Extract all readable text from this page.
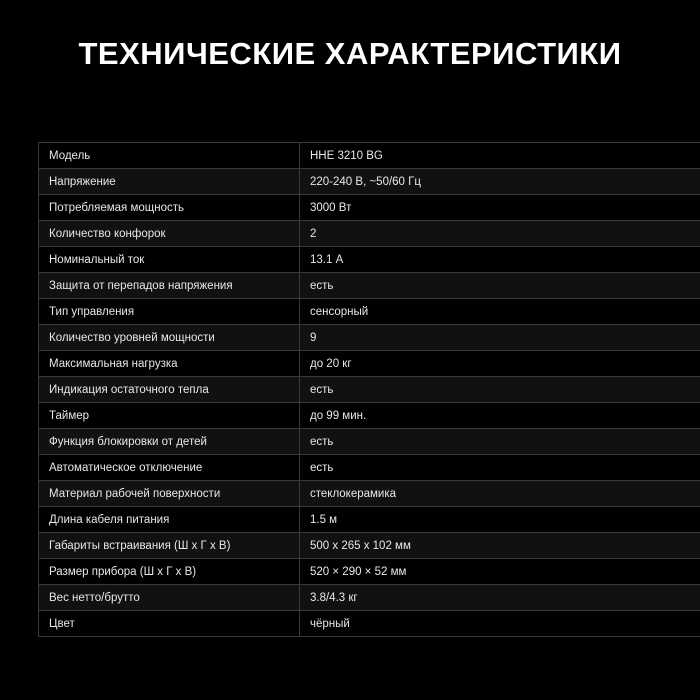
ТЕХНИЧЕСКИЕ ХАРАКТЕРИСТИКИ
Модель	HHE 3210 BG
Напряжение	220-240 В, ~50/60 Гц
Потребляемая мощность	3000 Вт
Количество конфорок	2
Номинальный ток	13.1 А
Защита от перепадов напряжения	есть
Тип управления	сенсорный
Количество уровней мощности	9
Максимальная нагрузка	до 20 кг
Индикация остаточного тепла	есть
Таймер	до 99 мин.
Функция блокировки от детей	есть
Автоматическое отключение	есть
Материал рабочей поверхности	стеклокерамика
Длина кабеля питания	1.5 м
Габариты встраивания (Ш x Г x В)	500 х 265 х 102 мм
Размер прибора (Ш x Г x В)	520 × 290 × 52 мм
Вес нетто/брутто	3.8/4.3 кг
Цвет	чёрный
